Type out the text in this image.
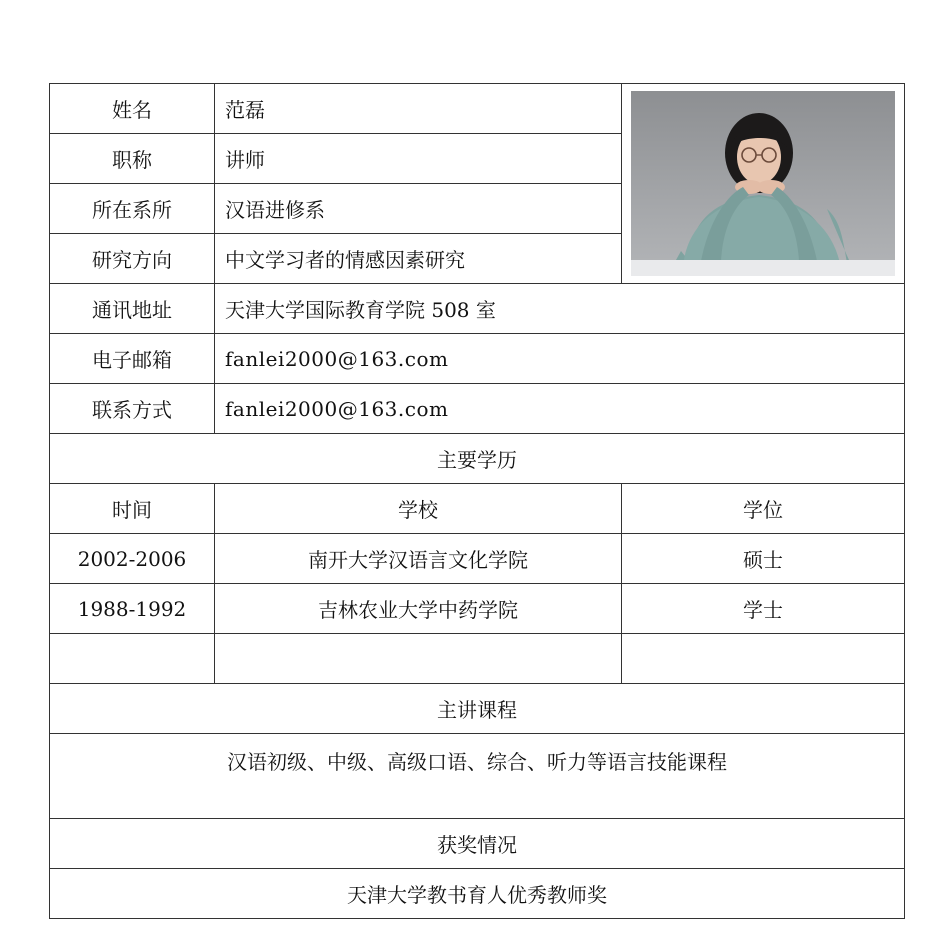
姓名	范磊	

职称	讲师	
所在系所	汉语进修系	
研究方向	中文学习者的情感因素研究	
通讯地址	天津大学国际教育学院 508 室	
电子邮箱	fanlei2000@163.com	
联系方式	fanlei2000@163.com	
主要学历		
时间	学校	学位
2002-2006	南开大学汉语言文化学院	硕士
1988-1992	吉林农业大学中药学院	学士

主讲课程		
汉语初级、中级、高级口语、综合、听力等语言技能课程		
获奖情况		
天津大学教书育人优秀教师奖		
